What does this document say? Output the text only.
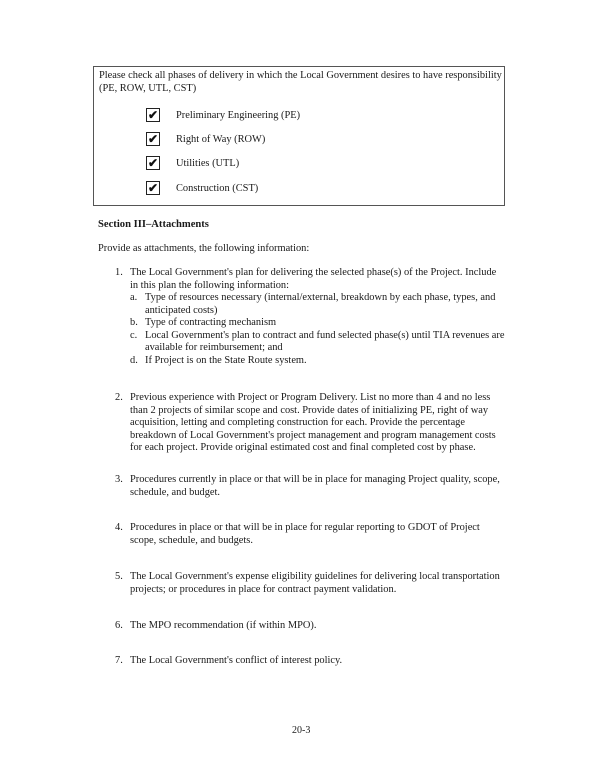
Please check all phases of delivery in which the Local Government desires to have responsibility (PE, ROW, UTL, CST)
✔ Preliminary Engineering (PE)
✔ Right of Way (ROW)
✔ Utilities (UTL)
✔ Construction (CST)
Section III–Attachments
Provide as attachments, the following information:
1. The Local Government's plan for delivering the selected phase(s) of the Project. Include in this plan the following information:
a. Type of resources necessary (internal/external, breakdown by each phase, types, and anticipated costs)
b. Type of contracting mechanism
c. Local Government's plan to contract and fund selected phase(s) until TIA revenues are available for reimbursement; and
d. If Project is on the State Route system.
2. Previous experience with Project or Program Delivery. List no more than 4 and no less than 2 projects of similar scope and cost. Provide dates of initializing PE, right of way acquisition, letting and completing construction for each. Provide the percentage breakdown of Local Government's project management and program management costs for each project. Provide original estimated cost and final completed cost by phase.
3. Procedures currently in place or that will be in place for managing Project quality, scope, schedule, and budget.
4. Procedures in place or that will be in place for regular reporting to GDOT of Project scope, schedule, and budgets.
5. The Local Government's expense eligibility guidelines for delivering local transportation projects; or procedures in place for contract payment validation.
6. The MPO recommendation (if within MPO).
7. The Local Government's conflict of interest policy.
20-3
